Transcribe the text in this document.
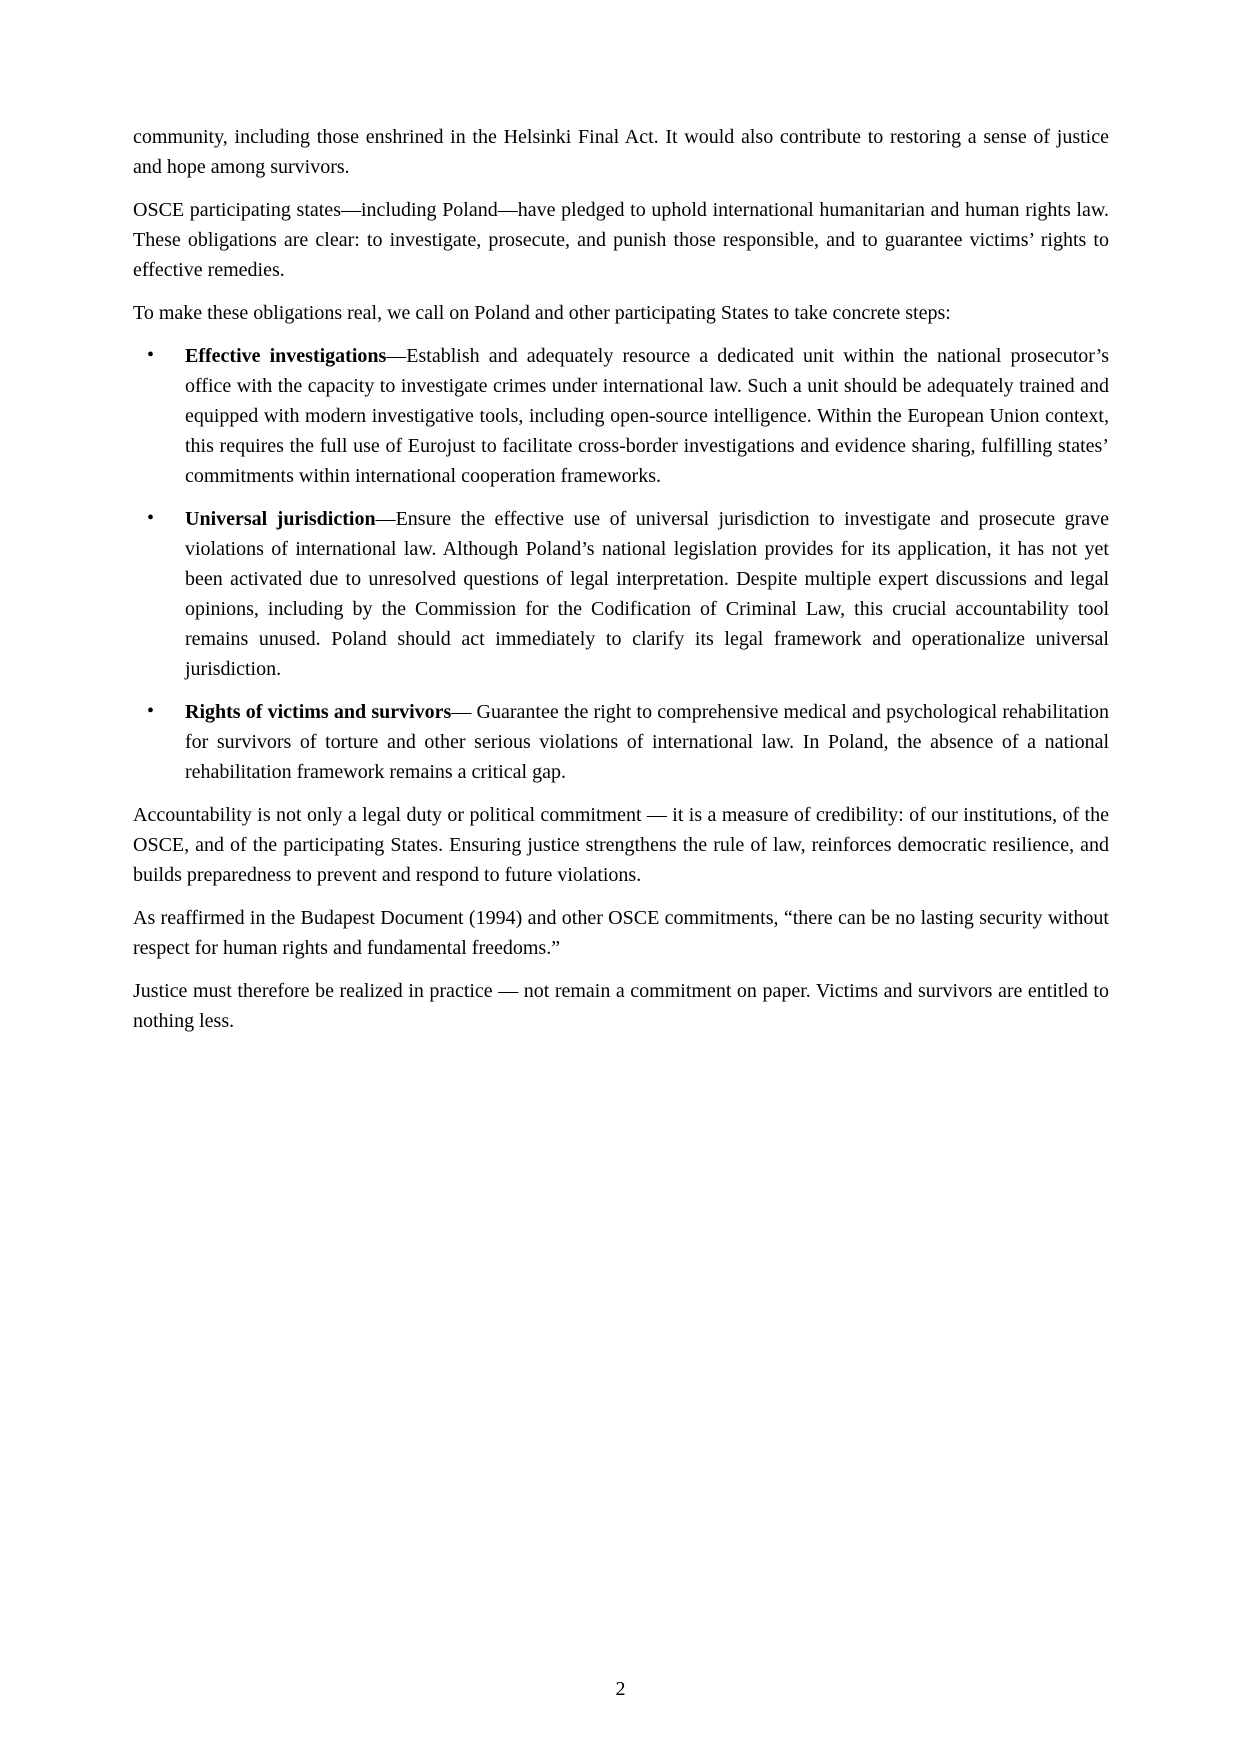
community, including those enshrined in the Helsinki Final Act. It would also contribute to restoring a sense of justice and hope among survivors.

OSCE participating states—including Poland—have pledged to uphold international humanitarian and human rights law. These obligations are clear: to investigate, prosecute, and punish those responsible, and to guarantee victims’ rights to effective remedies.

To make these obligations real, we call on Poland and other participating States to take concrete steps:

• Effective investigations—Establish and adequately resource a dedicated unit within the national prosecutor’s office with the capacity to investigate crimes under international law. Such a unit should be adequately trained and equipped with modern investigative tools, including open-source intelligence. Within the European Union context, this requires the full use of Eurojust to facilitate cross-border investigations and evidence sharing, fulfilling states’ commitments within international cooperation frameworks.
• Universal jurisdiction—Ensure the effective use of universal jurisdiction to investigate and prosecute grave violations of international law. Although Poland’s national legislation provides for its application, it has not yet been activated due to unresolved questions of legal interpretation. Despite multiple expert discussions and legal opinions, including by the Commission for the Codification of Criminal Law, this crucial accountability tool remains unused. Poland should act immediately to clarify its legal framework and operationalize universal jurisdiction.
• Rights of victims and survivors— Guarantee the right to comprehensive medical and psychological rehabilitation for survivors of torture and other serious violations of international law. In Poland, the absence of a national rehabilitation framework remains a critical gap.

Accountability is not only a legal duty or political commitment — it is a measure of credibility: of our institutions, of the OSCE, and of the participating States. Ensuring justice strengthens the rule of law, reinforces democratic resilience, and builds preparedness to prevent and respond to future violations.

As reaffirmed in the Budapest Document (1994) and other OSCE commitments, “there can be no lasting security without respect for human rights and fundamental freedoms.”

Justice must therefore be realized in practice — not remain a commitment on paper. Victims and survivors are entitled to nothing less.

2
